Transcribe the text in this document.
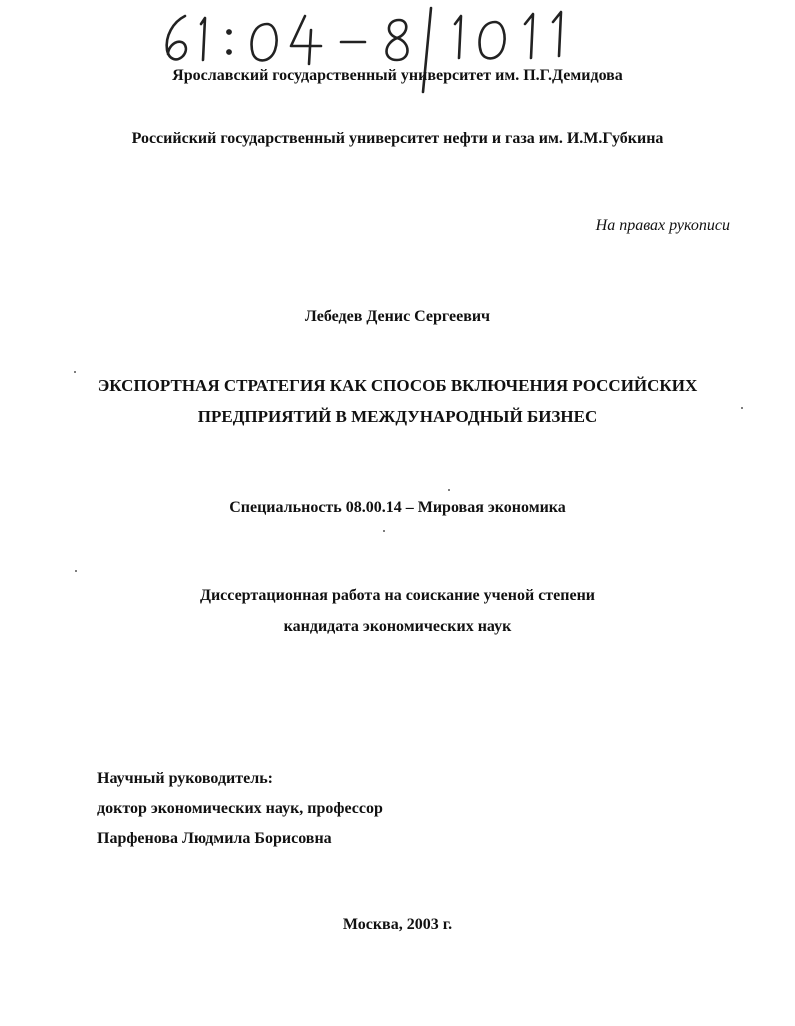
Ярославский государственный университет им. П.Г.Демидова
Российский государственный университет нефти и газа им. И.М.Губкина
На правах рукописи
Лебедев Денис Сергеевич
ЭКСПОРТНАЯ СТРАТЕГИЯ КАК СПОСОБ ВКЛЮЧЕНИЯ РОССИЙСКИХ
ПРЕДПРИЯТИЙ В МЕЖДУНАРОДНЫЙ БИЗНЕС
Специальность 08.00.14 – Мировая экономика
Диссертационная работа на соискание ученой степени
кандидата экономических наук
Научный руководитель:
доктор экономических наук, профессор
Парфенова Людмила Борисовна
Москва, 2003 г.
